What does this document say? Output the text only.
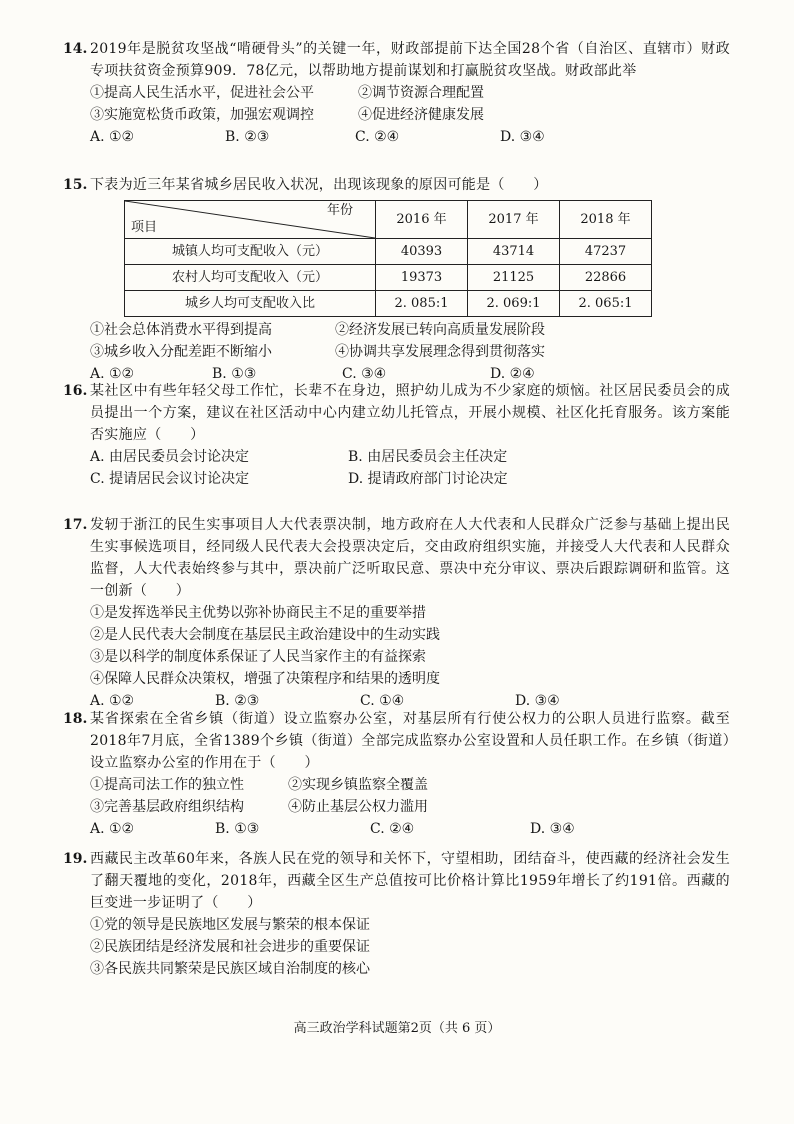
14. 2019年是脱贫攻坚战“啃硬骨头”的关键一年，财政部提前下达全国28个省（自治区、直辖市）财政专项扶贫资金预算909．78亿元，以帮助地方提前谋划和打赢脱贫攻坚战。财政部此举
①提高人民生活水平，促进社会公平	②调节资源合理配置
③实施宽松货币政策，加强宏观调控	④促进经济健康发展
A. ①②	B. ②③	C. ②④	D. ③④
15. 下表为近三年某省城乡居民收入状况，出现该现象的原因可能是（　　）
年份
项目	2016 年	2017 年	2018 年
城镇人均可支配收入（元）	40393	43714	47237
农村人均可支配收入（元）	19373	21125	22866
城乡人均可支配收入比	2. 085:1	2. 069:1	2. 065:1
①社会总体消费水平得到提高	②经济发展已转向高质量发展阶段
③城乡收入分配差距不断缩小	④协调共享发展理念得到贯彻落实
A. ①②	B. ①③	C. ③④	D. ②④
16. 某社区中有些年轻父母工作忙，长辈不在身边，照护幼儿成为不少家庭的烦恼。社区居民委员会的成员提出一个方案，建议在社区活动中心内建立幼儿托管点，开展小规模、社区化托育服务。该方案能否实施应（　　）
A. 由居民委员会讨论决定	B. 由居民委员会主任决定
C. 提请居民会议讨论决定	D. 提请政府部门讨论决定
17. 发轫于浙江的民生实事项目人大代表票决制，地方政府在人大代表和人民群众广泛参与基础上提出民生实事候选项目，经同级人民代表大会投票决定后，交由政府组织实施，并接受人大代表和人民群众监督，人大代表始终参与其中，票决前广泛听取民意、票决中充分审议、票决后跟踪调研和监管。这一创新（　　）
①是发挥选举民主优势以弥补协商民主不足的重要举措
②是人民代表大会制度在基层民主政治建设中的生动实践
③是以科学的制度体系保证了人民当家作主的有益探索
④保障人民群众决策权，增强了决策程序和结果的透明度
A. ①②	B. ②③	C. ①④	D. ③④
18. 某省探索在全省乡镇（街道）设立监察办公室，对基层所有行使公权力的公职人员进行监察。截至2018年7月底，全省1389个乡镇（街道）全部完成监察办公室设置和人员任职工作。在乡镇（街道）设立监察办公室的作用在于（　　）
①提高司法工作的独立性	②实现乡镇监察全覆盖
③完善基层政府组织结构	④防止基层公权力滥用
A. ①②	B. ①③	C. ②④	D. ③④
19. 西藏民主改革60年来，各族人民在党的领导和关怀下，守望相助，团结奋斗，使西藏的经济社会发生了翻天覆地的变化，2018年，西藏全区生产总值按可比价格计算比1959年增长了约191倍。西藏的巨变进一步证明了（　　）
①党的领导是民族地区发展与繁荣的根本保证
②民族团结是经济发展和社会进步的重要保证
③各民族共同繁荣是民族区域自治制度的核心
高三政治学科试题第2页（共 6 页）
